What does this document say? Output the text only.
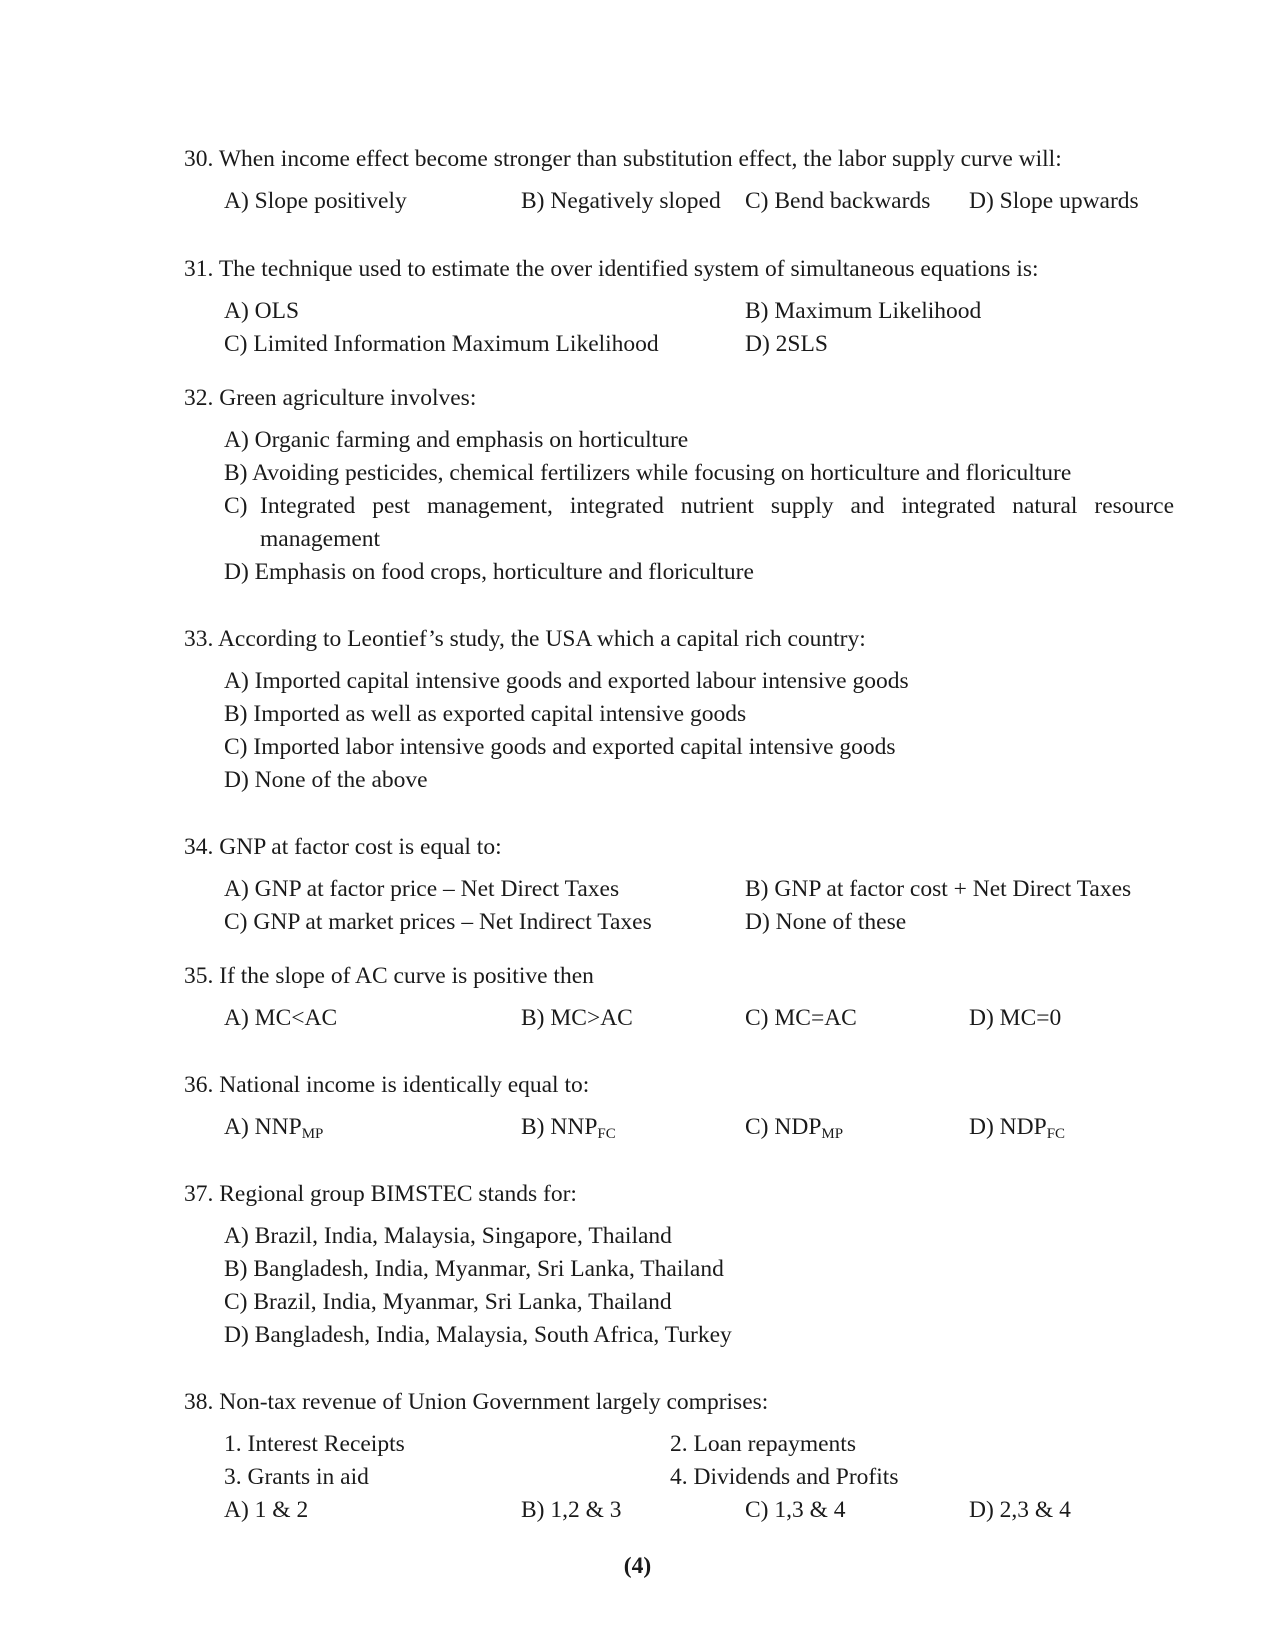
30. When income effect become stronger than substitution effect, the labor supply curve will:
A) Slope positively	B) Negatively sloped C) Bend backwards D) Slope upwards
31. The technique used to estimate the over identified system of simultaneous equations is:
A) OLS	B) Maximum Likelihood
C) Limited Information Maximum Likelihood	D) 2SLS
32. Green agriculture involves:
A) Organic farming and emphasis on horticulture
B) Avoiding pesticides, chemical fertilizers while focusing on horticulture and floriculture
C) Integrated pest management, integrated nutrient supply and integrated natural resource
management
D) Emphasis on food crops, horticulture and floriculture
33. According to Leontief’s study, the USA which a capital rich country:
A) Imported capital intensive goods and exported labour intensive goods
B) Imported as well as exported capital intensive goods
C) Imported labor intensive goods and exported capital intensive goods
D) None of the above
34. GNP at factor cost is equal to:
A) GNP at factor price – Net Direct Taxes	B) GNP at factor cost + Net Direct Taxes
C) GNP at market prices – Net Indirect Taxes	D) None of these
35. If the slope of AC curve is positive then
A) MC<AC	B) MC>AC	C) MC=AC	D) MC=0
36. National income is identically equal to:
A) $NNP_{MP}$	B) $NNP_{FC}$	C) $NDP_{MP}$	D) $NDP_{FC}$
37. Regional group BIMSTEC stands for:
A) Brazil, India, Malaysia, Singapore, Thailand
B) Bangladesh, India, Myanmar, Sri Lanka, Thailand
C) Brazil, India, Myanmar, Sri Lanka, Thailand
D) Bangladesh, India, Malaysia, South Africa, Turkey
38. Non-tax revenue of Union Government largely comprises:
1. Interest Receipts	2. Loan repayments
3. Grants in aid	4. Dividends and Profits
A) 1 & 2	B) 1,2 & 3	C) 1,3 & 4	D) 2,3 & 4
(4)
